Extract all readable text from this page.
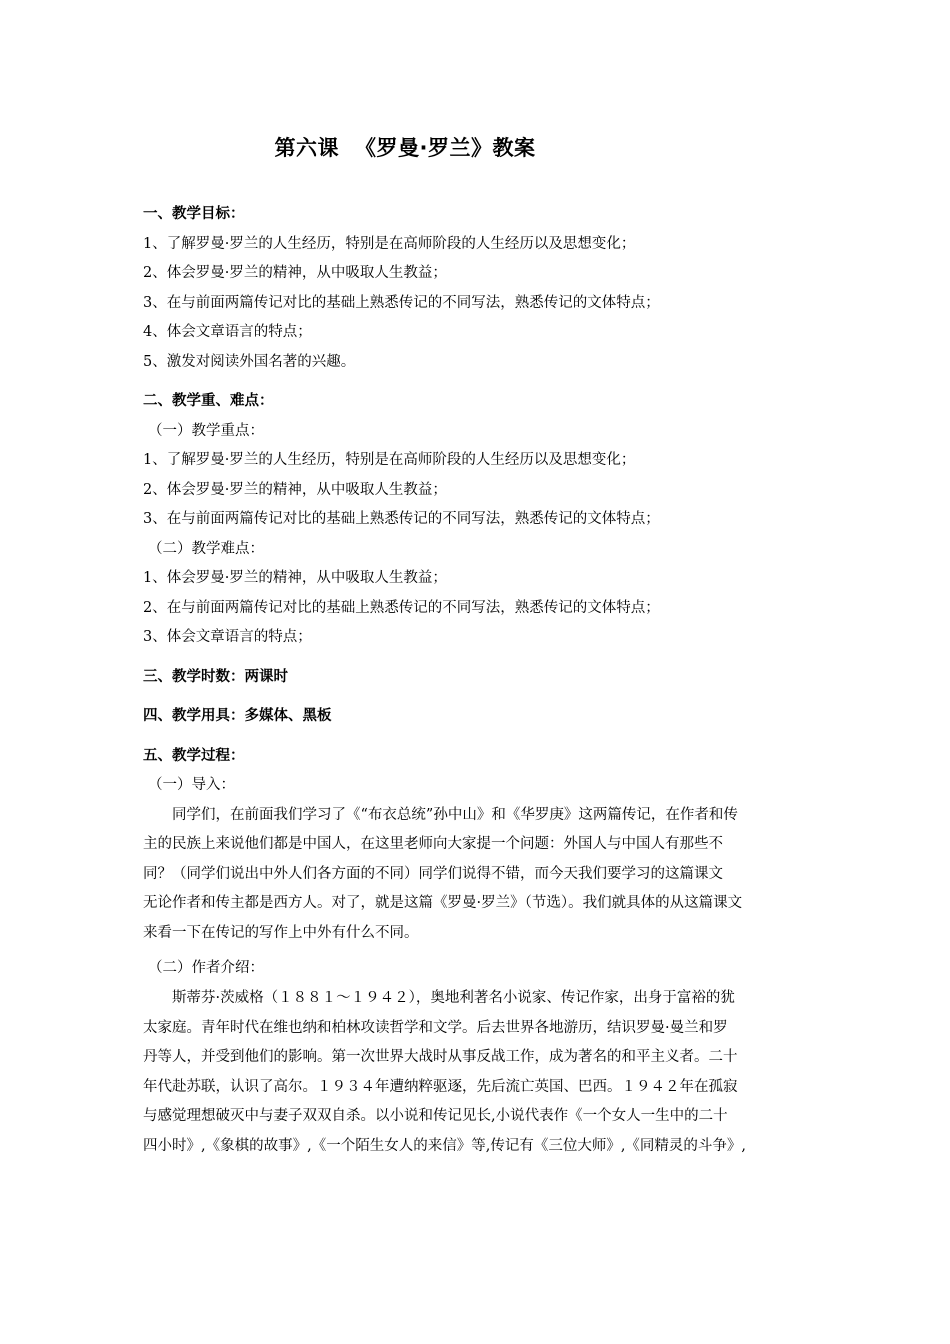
第六课 《罗曼·罗兰》教案
一、教学目标：
1、了解罗曼·罗兰的人生经历，特别是在高师阶段的人生经历以及思想变化；
2、体会罗曼·罗兰的精神，从中吸取人生教益；
3、在与前面两篇传记对比的基础上熟悉传记的不同写法，熟悉传记的文体特点；
4、体会文章语言的特点；
5、激发对阅读外国名著的兴趣。
二、教学重、难点：
（一）教学重点：
1、了解罗曼·罗兰的人生经历，特别是在高师阶段的人生经历以及思想变化；
2、体会罗曼·罗兰的精神，从中吸取人生教益；
3、在与前面两篇传记对比的基础上熟悉传记的不同写法，熟悉传记的文体特点；
（二）教学难点：
1、体会罗曼·罗兰的精神，从中吸取人生教益；
2、在与前面两篇传记对比的基础上熟悉传记的不同写法，熟悉传记的文体特点；
3、体会文章语言的特点；
三、教学时数：两课时
四、教学用具：多媒体、黑板
五、教学过程：
（一）导入：
同学们，在前面我们学习了《“布衣总统”孙中山》和《华罗庚》这两篇传记，在作者和传
主的民族上来说他们都是中国人，在这里老师向大家提一个问题：外国人与中国人有那些不
同？（同学们说出中外人们各方面的不同）同学们说得不错，而今天我们要学习的这篇课文
无论作者和传主都是西方人。对了，就是这篇《罗曼·罗兰》（节选）。我们就具体的从这篇课文
来看一下在传记的写作上中外有什么不同。
（二）作者介绍：
斯蒂芬·茨威格（１８８１～１９４２），奥地利著名小说家、传记作家，出身于富裕的犹
太家庭。青年时代在维也纳和柏林攻读哲学和文学。后去世界各地游历，结识罗曼·曼兰和罗
丹等人，并受到他们的影响。第一次世界大战时从事反战工作，成为著名的和平主义者。二十
年代赴苏联，认识了高尔。１９３４年遭纳粹驱逐，先后流亡英国、巴西。１９４２年在孤寂
与感觉理想破灭中与妻子双双自杀。以小说和传记见长,小说代表作《一个女人一生中的二十
四小时》,《象棋的故事》,《一个陌生女人的来信》等,传记有《三位大师》,《同精灵的斗争》,
